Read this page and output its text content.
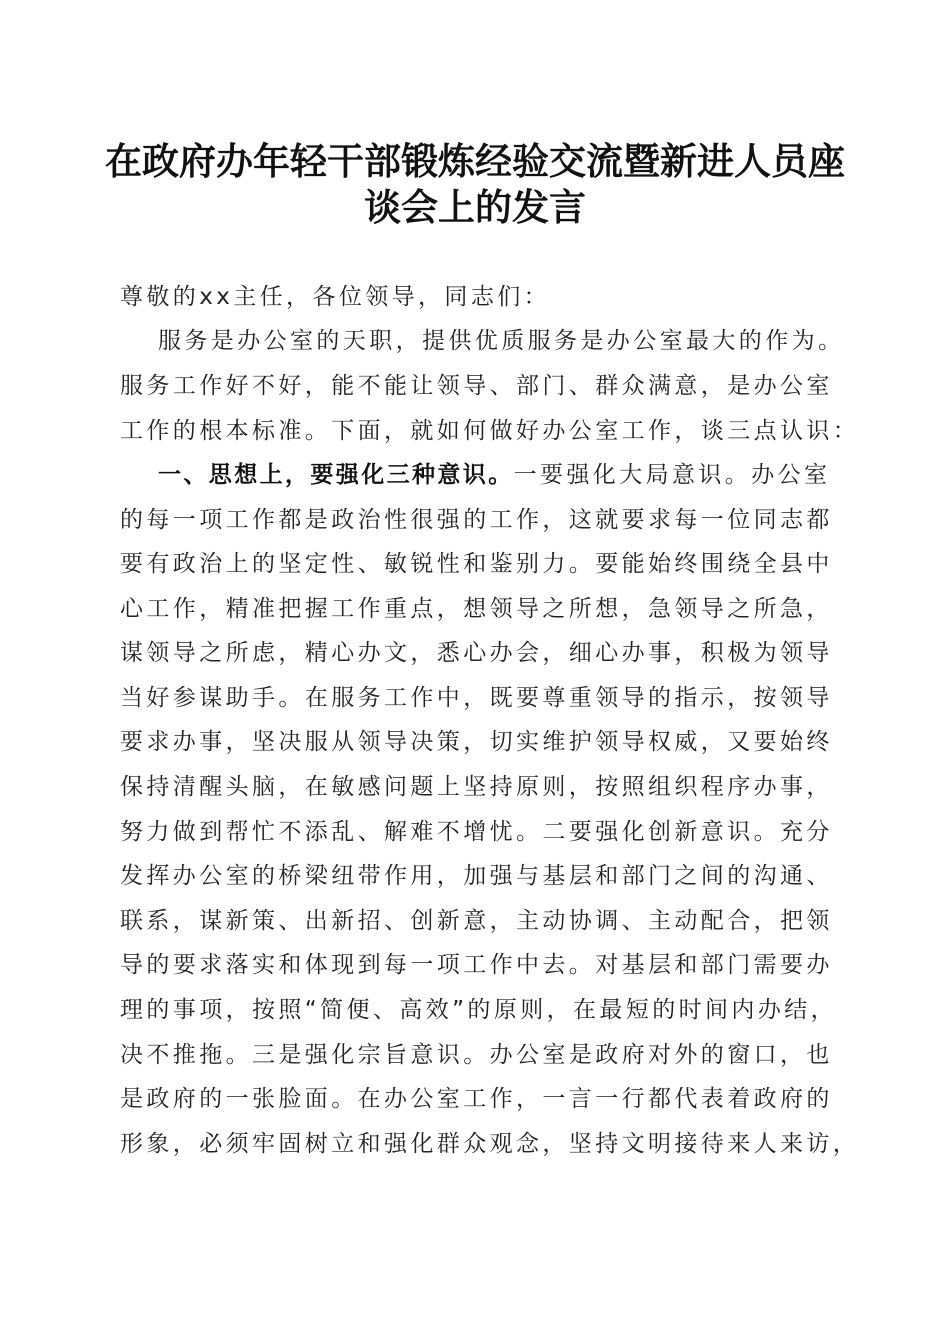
在政府办年轻干部锻炼经验交流暨新进人员座
谈会上的发言

尊敬的xx主任，各位领导，同志们：

服务是办公室的天职，提供优质服务是办公室最大的作为。

服务工作好不好，能不能让领导、部门、群众满意，是办公室

工作的根本标准。下面，就如何做好办公室工作，谈三点认识：

一、思想上，要强化三种意识。一要强化大局意识。办公室

的每一项工作都是政治性很强的工作，这就要求每一位同志都

要有政治上的坚定性、敏锐性和鉴别力。要能始终围绕全县中

心工作，精准把握工作重点，想领导之所想，急领导之所急，

谋领导之所虑，精心办文，悉心办会，细心办事，积极为领导

当好参谋助手。在服务工作中，既要尊重领导的指示，按领导

要求办事，坚决服从领导决策，切实维护领导权威，又要始终

保持清醒头脑，在敏感问题上坚持原则，按照组织程序办事，

努力做到帮忙不添乱、解难不增忧。二要强化创新意识。充分

发挥办公室的桥梁纽带作用，加强与基层和部门之间的沟通、

联系，谋新策、出新招、创新意，主动协调、主动配合，把领

导的要求落实和体现到每一项工作中去。对基层和部门需要办

理的事项，按照“简便、高效”的原则，在最短的时间内办结，

决不推拖。三是强化宗旨意识。办公室是政府对外的窗口，也

是政府的一张脸面。在办公室工作，一言一行都代表着政府的

形象，必须牢固树立和强化群众观念，坚持文明接待来人来访，
